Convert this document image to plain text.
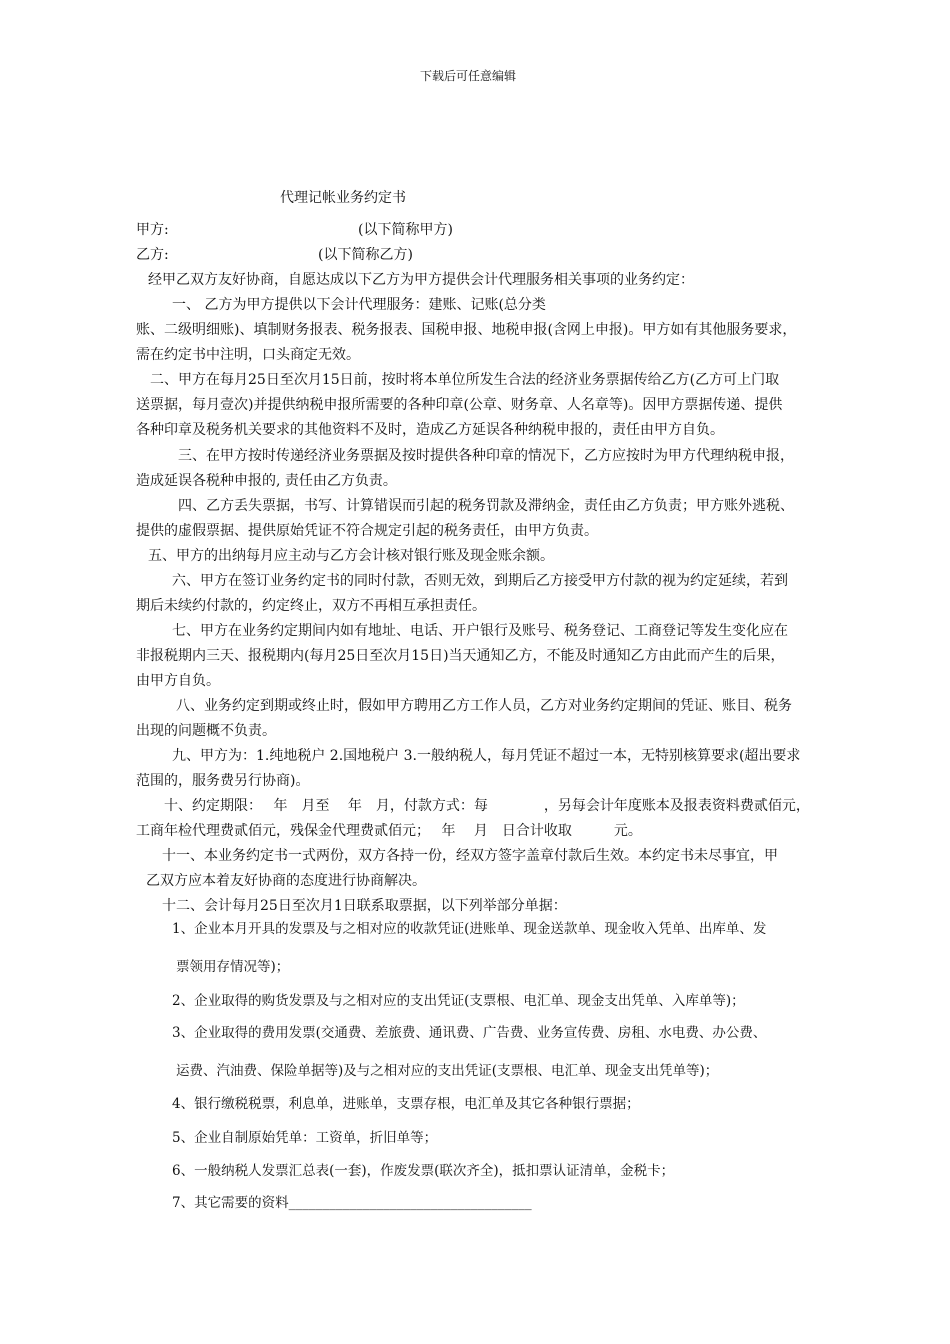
下载后可任意编辑
代理记帐业务约定书
甲方:	(以下简称甲方)
乙方:	(以下简称乙方)
经甲乙双方友好协商，自愿达成以下乙方为甲方提供会计代理服务相关事项的业务约定：
一、 乙方为甲方提供以下会计代理服务：建账、记账(总分类
账、二级明细账)、填制财务报表、税务报表、国税申报、地税申报(含网上申报)。甲方如有其他服务要求，
需在约定书中注明，口头商定无效。
二、甲方在每月25日至次月15日前，按时将本单位所发生合法的经济业务票据传给乙方(乙方可上门取
送票据，每月壹次)并提供纳税申报所需要的各种印章(公章、财务章、人名章等)。因甲方票据传递、提供
各种印章及税务机关要求的其他资料不及时，造成乙方延误各种纳税申报的，责任由甲方自负。
三、在甲方按时传递经济业务票据及按时提供各种印章的情况下，乙方应按时为甲方代理纳税申报，
造成延误各税种申报的, 责任由乙方负责。
四、乙方丢失票据，书写、计算错误而引起的税务罚款及滞纳金，责任由乙方负责；甲方账外逃税、
提供的虚假票据、提供原始凭证不符合规定引起的税务责任，由甲方负责。
五、甲方的出纳每月应主动与乙方会计核对银行账及现金账余额。
六、甲方在签订业务约定书的同时付款，否则无效，到期后乙方接受甲方付款的视为约定延续，若到
期后未续约付款的，约定终止，双方不再相互承担责任。
七、甲方在业务约定期间内如有地址、电话、开户银行及账号、税务登记、工商登记等发生变化应在
非报税期内三天、报税期内(每月25日至次月15日)当天通知乙方，不能及时通知乙方由此而产生的后果，
由甲方自负。
八、业务约定到期或终止时，假如甲方聘用乙方工作人员，乙方对业务约定期间的凭证、账目、税务
出现的问题概不负责。
九、甲方为：1.纯地税户 2.国地税户 3.一般纳税人，每月凭证不超过一本，无特别核算要求(超出要求
范围的，服务费另行协商)。
十、约定期限：　 年　月至　 年　月，付款方式：每　　　　，另每会计年度账本及报表资料费贰佰元，
工商年检代理费贰佰元，残保金代理费贰佰元；　 年　 月　日合计收取　　　元。
十一、本业务约定书一式两份，双方各持一份，经双方签字盖章付款后生效。本约定书未尽事宜，甲
乙双方应本着友好协商的态度进行协商解决。
十二、会计每月25日至次月1日联系取票据，以下列举部分单据：
1、企业本月开具的发票及与之相对应的收款凭证(进账单、现金送款单、现金收入凭单、出库单、发
票领用存情况等)；
2、企业取得的购货发票及与之相对应的支出凭证(支票根、电汇单、现金支出凭单、入库单等)；
3、企业取得的费用发票(交通费、差旅费、通讯费、广告费、业务宣传费、房租、水电费、办公费、
运费、汽油费、保险单据等)及与之相对应的支出凭证(支票根、电汇单、现金支出凭单等)；
4、银行缴税税票，利息单，进账单，支票存根，电汇单及其它各种银行票据；
5、企业自制原始凭单：工资单，折旧单等；
6、一般纳税人发票汇总表(一套)，作废发票(联次齐全)，抵扣票认证清单，金税卡；
7、其它需要的资料____________________________________
